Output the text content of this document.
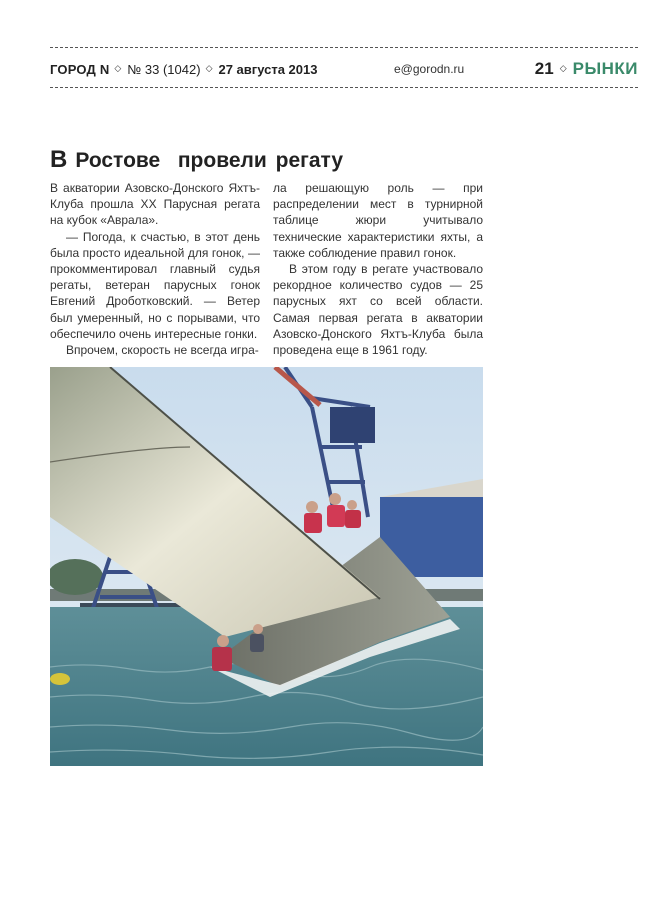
ГОРОД N ◇ № 33 (1042) ◇ 27 августа 2013	e@gorodn.ru	21 ◇ РЫНКИ
В Ростове  провели регату

В акватории Азовско-Донского Яхтъ-Клуба прошла XX Парусная регата на кубок «Аврала».

— Погода, к счастью, в этот день была просто идеальной для гонок, — прокомментировал главный судья регаты, ветеран парусных гонок Евгений Дроботковский. — Ветер был умеренный, но с порывами, что обеспечило очень интересные гонки.

Впрочем, скорость не всегда игра-

ла решающую роль — при распределении мест в турнирной таблице жюри учитывало технические характеристики яхты, а также соблюдение правил гонок.

В этом году в регате участвовало рекордное количество судов — 25 парусных яхт со всей области. Самая первая регата в акватории Азовско-Донского Яхтъ-Клуба была проведена еще в 1961 году.
